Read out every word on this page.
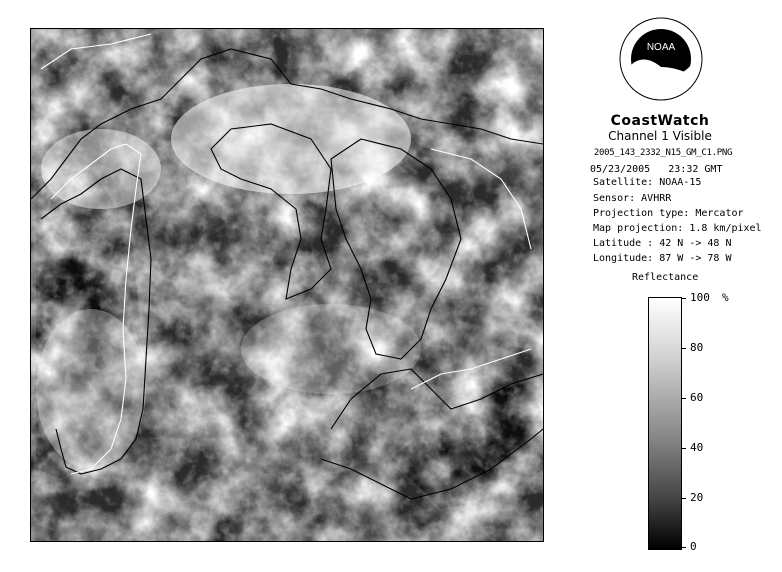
NOAA
CoastWatch
Channel 1 Visible
2005_143_2332_N15_GM_C1.PNG
05/23/2005 23:32 GMT
Satellite: NOAA-15
Sensor: AVHRR
Projection type: Mercator
Map projection: 1.8 km/pixel
Latitude : 42 N -> 48 N
Longitude: 87 W -> 78 W
Reflectance
%
100
80
60
40
20
0
